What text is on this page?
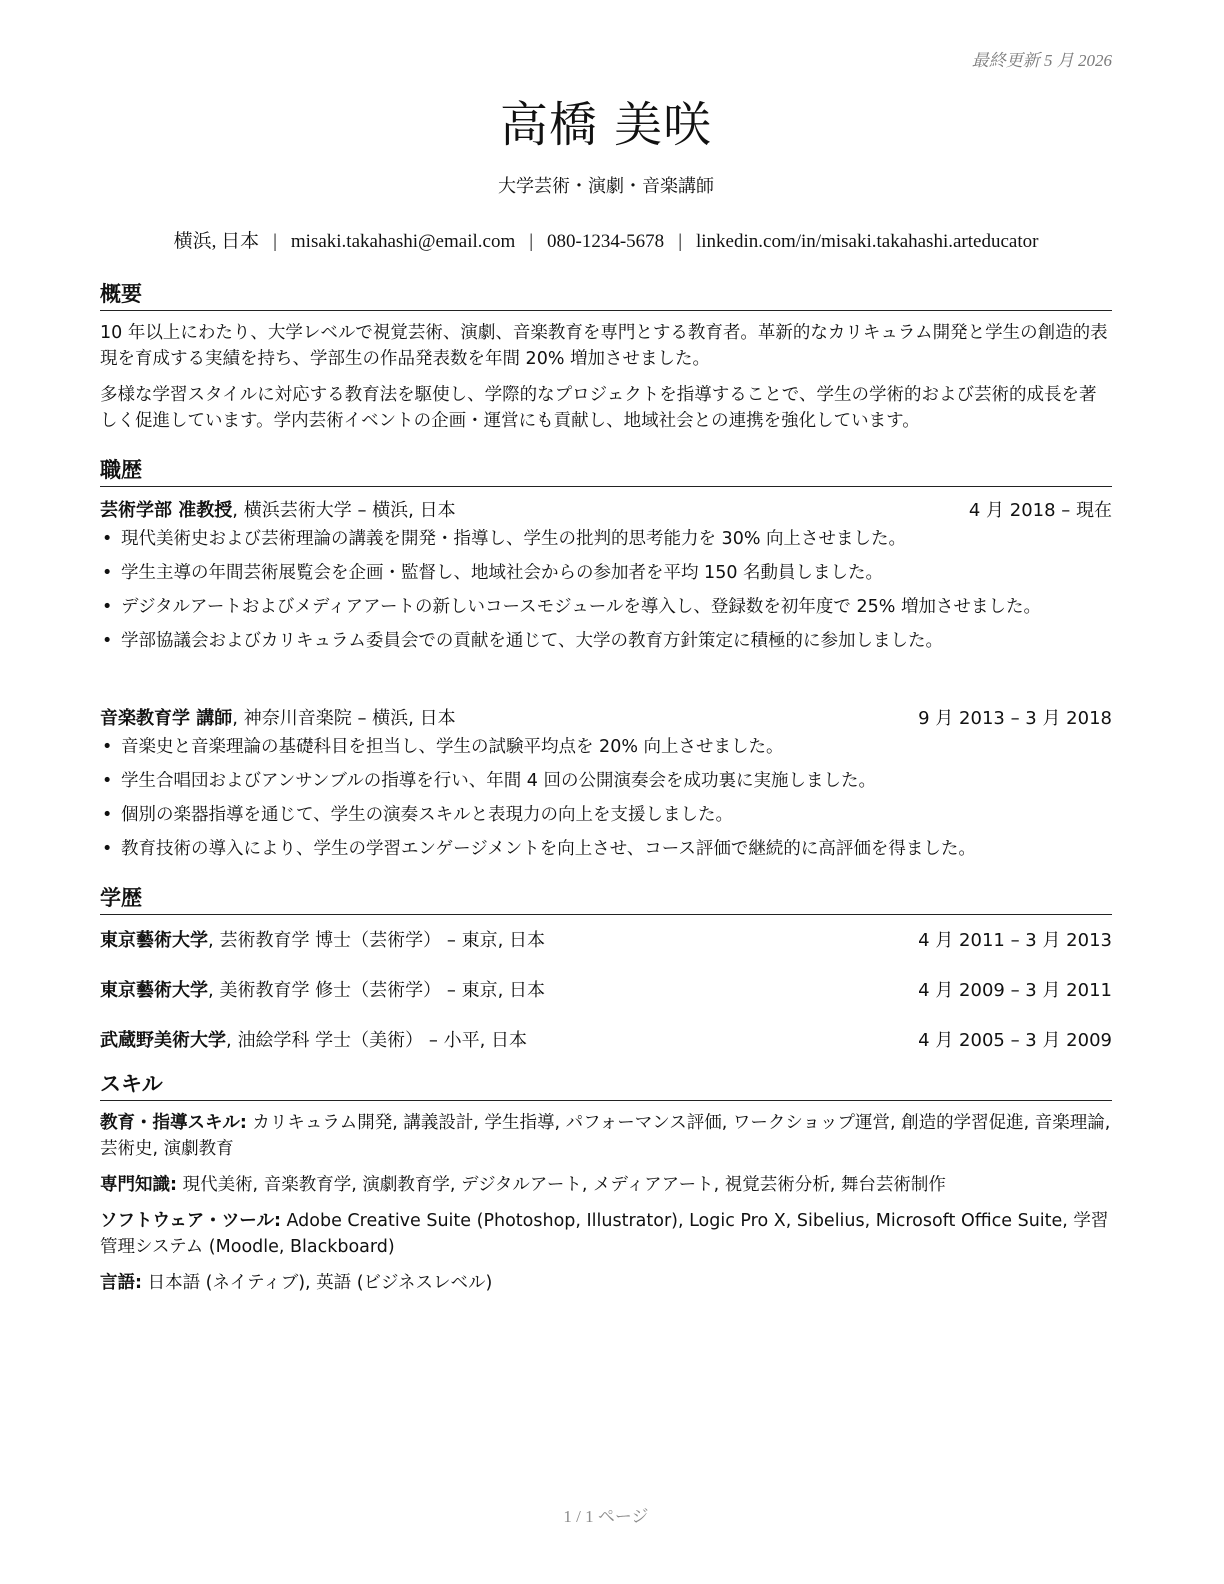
最終更新 5 月 2026
高橋 美咲
大学芸術・演劇・音楽講師
横浜, 日本 | misaki.takahashi@email.com | 080-1234-5678 | linkedin.com/in/misaki.takahashi.arteducator
概要
10 年以上にわたり、大学レベルで視覚芸術、演劇、音楽教育を専門とする教育者。革新的なカリキュラム開発と学生の創造的表現を育成する実績を持ち、学部生の作品発表数を年間 20% 増加させました。
多様な学習スタイルに対応する教育法を駆使し、学際的なプロジェクトを指導することで、学生の学術的および芸術的成長を著しく促進しています。学内芸術イベントの企画・運営にも貢献し、地域社会との連携を強化しています。
職歴
芸術学部 准教授, 横浜芸術大学 – 横浜, 日本	4 月 2018 – 現在
• 現代美術史および芸術理論の講義を開発・指導し、学生の批判的思考能力を 30% 向上させました。
• 学生主導の年間芸術展覧会を企画・監督し、地域社会からの参加者を平均 150 名動員しました。
• デジタルアートおよびメディアアートの新しいコースモジュールを導入し、登録数を初年度で 25% 増加させました。
• 学部協議会およびカリキュラム委員会での貢献を通じて、大学の教育方針策定に積極的に参加しました。
音楽教育学 講師, 神奈川音楽院 – 横浜, 日本	9 月 2013 – 3 月 2018
• 音楽史と音楽理論の基礎科目を担当し、学生の試験平均点を 20% 向上させました。
• 学生合唱団およびアンサンブルの指導を行い、年間 4 回の公開演奏会を成功裏に実施しました。
• 個別の楽器指導を通じて、学生の演奏スキルと表現力の向上を支援しました。
• 教育技術の導入により、学生の学習エンゲージメントを向上させ、コース評価で継続的に高評価を得ました。
学歴
東京藝術大学, 芸術教育学 博士（芸術学） – 東京, 日本	4 月 2011 – 3 月 2013
東京藝術大学, 美術教育学 修士（芸術学） – 東京, 日本	4 月 2009 – 3 月 2011
武蔵野美術大学, 油絵学科 学士（美術） – 小平, 日本	4 月 2005 – 3 月 2009
スキル
教育・指導スキル: カリキュラム開発, 講義設計, 学生指導, パフォーマンス評価, ワークショップ運営, 創造的学習促進, 音楽理論, 芸術史, 演劇教育
専門知識: 現代美術, 音楽教育学, 演劇教育学, デジタルアート, メディアアート, 視覚芸術分析, 舞台芸術制作
ソフトウェア・ツール: Adobe Creative Suite (Photoshop, Illustrator), Logic Pro X, Sibelius, Microsoft Office Suite, 学習管理システム (Moodle, Blackboard)
言語: 日本語 (ネイティブ), 英語 (ビジネスレベル)
1 / 1 ページ
